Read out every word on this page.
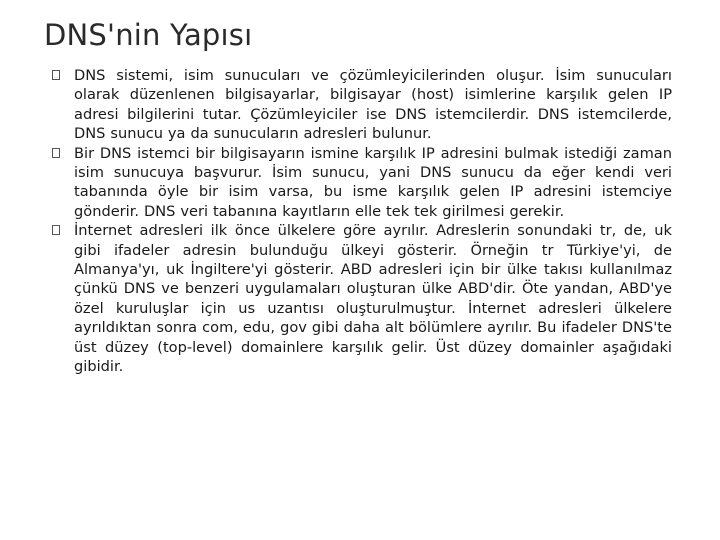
DNS'nin Yapısı
DNS sistemi, isim sunucuları ve çözümleyicilerinden oluşur. İsim sunucuları olarak düzenlenen bilgisayarlar, bilgisayar (host) isimlerine karşılık gelen IP adresi bilgilerini tutar. Çözümleyiciler ise DNS istemcilerdir. DNS istemcilerde, DNS sunucu ya da sunucuların adresleri bulunur.
Bir DNS istemci bir bilgisayarın ismine karşılık IP adresini bulmak istediği zaman isim sunucuya başvurur. İsim sunucu, yani DNS sunucu da eğer kendi veri tabanında öyle bir isim varsa, bu isme karşılık gelen IP adresini istemciye gönderir. DNS veri tabanına kayıtların elle tek tek girilmesi gerekir.
İnternet adresleri ilk önce ülkelere göre ayrılır. Adreslerin sonundaki tr, de, uk gibi ifadeler adresin bulunduğu ülkeyi gösterir. Örneğin tr Türkiye'yi, de Almanya'yı, uk İngiltere'yi gösterir. ABD adresleri için bir ülke takısı kullanılmaz çünkü DNS ve benzeri uygulamaları oluşturan ülke ABD'dir. Öte yandan, ABD'ye özel kuruluşlar için us uzantısı oluşturulmuştur. İnternet adresleri ülkelere ayrıldıktan sonra com, edu, gov gibi daha alt bölümlere ayrılır. Bu ifadeler DNS'te üst düzey (top-level) domainlere karşılık gelir. Üst düzey domainler aşağıdaki gibidir.
